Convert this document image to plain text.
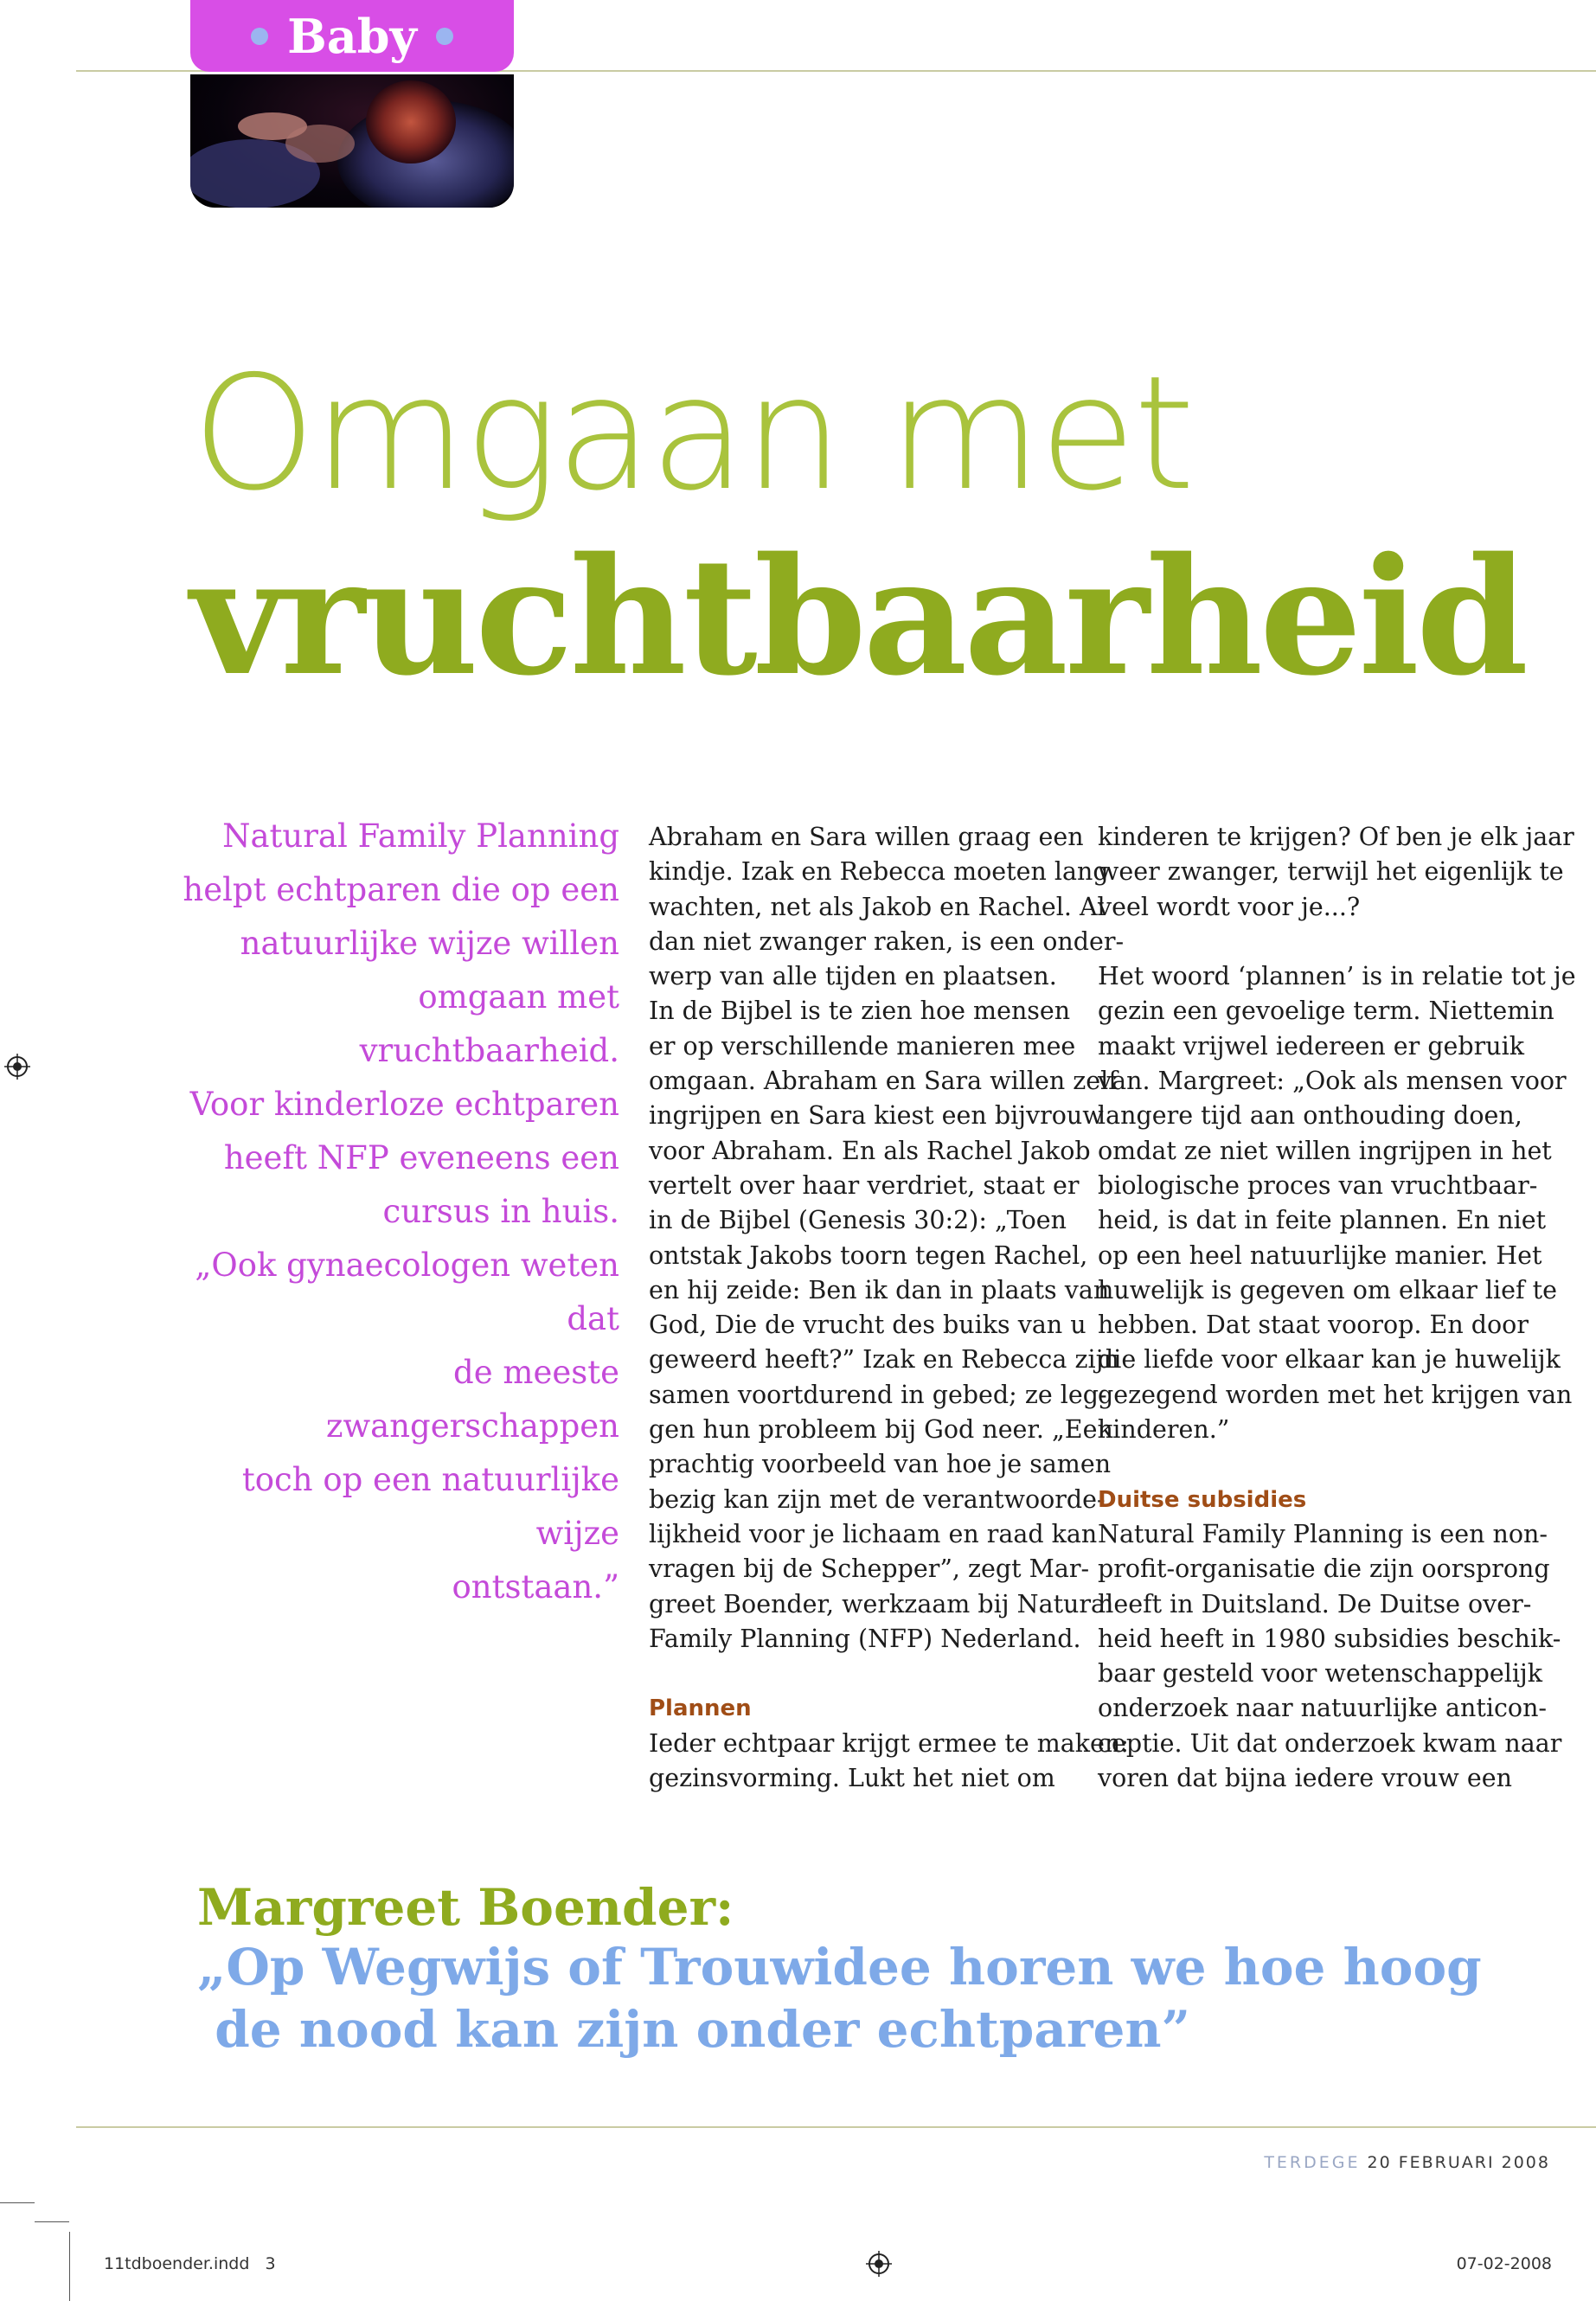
Baby
Omgaan met
vruchtbaarheid
Natural Family Planning
helpt echtparen die op een
natuurlijke wijze willen
omgaan met vruchtbaarheid.
Voor kinderloze echtparen
heeft NFP eveneens een
cursus in huis.
„Ook gynaecologen weten dat
de meeste zwangerschappen
toch op een natuurlijke wijze
ontstaan.”
Abraham en Sara willen graag een
kindje. Izak en Rebecca moeten lang
wachten, net als Jakob en Rachel. Al
dan niet zwanger raken, is een onder-
werp van alle tijden en plaatsen.
In de Bijbel is te zien hoe mensen
er op verschillende manieren mee
omgaan. Abraham en Sara willen zelf
ingrijpen en Sara kiest een bijvrouw
voor Abraham. En als Rachel Jakob
vertelt over haar verdriet, staat er
in de Bijbel (Genesis 30:2): „Toen
ontstak Jakobs toorn tegen Rachel,
en hij zeide: Ben ik dan in plaats van
God, Die de vrucht des buiks van u
geweerd heeft?” Izak en Rebecca zijn
samen voortdurend in gebed; ze leg-
gen hun probleem bij God neer. „Een
prachtig voorbeeld van hoe je samen
bezig kan zijn met de verantwoorde-
lijkheid voor je lichaam en raad kan
vragen bij de Schepper”, zegt Mar-
greet Boender, werkzaam bij Natural
Family Planning (NFP) Nederland.
Plannen
Ieder echtpaar krijgt ermee te maken:
gezinsvorming. Lukt het niet om
kinderen te krijgen? Of ben je elk jaar
weer zwanger, terwijl het eigenlijk te
veel wordt voor je...?
Het woord ‘plannen’ is in relatie tot je
gezin een gevoelige term. Niettemin
maakt vrijwel iedereen er gebruik
van. Margreet: „Ook als mensen voor
langere tijd aan onthouding doen,
omdat ze niet willen ingrijpen in het
biologische proces van vruchtbaar-
heid, is dat in feite plannen. En niet
op een heel natuurlijke manier. Het
huwelijk is gegeven om elkaar lief te
hebben. Dat staat voorop. En door
die liefde voor elkaar kan je huwelijk
gezegend worden met het krijgen van
kinderen.”
Duitse subsidies
Natural Family Planning is een non-
profit-organisatie die zijn oorsprong
heeft in Duitsland. De Duitse over-
heid heeft in 1980 subsidies beschik-
baar gesteld voor wetenschappelijk
onderzoek naar natuurlijke anticon-
ceptie. Uit dat onderzoek kwam naar
voren dat bijna iedere vrouw een
Margreet Boender:
„Op Wegwijs of Trouwidee horen we hoe hoog
de nood kan zijn onder echtparen”
TERDEGE 20 FEBRUARI 2008
11tdboender.indd   3	07-02-2008
